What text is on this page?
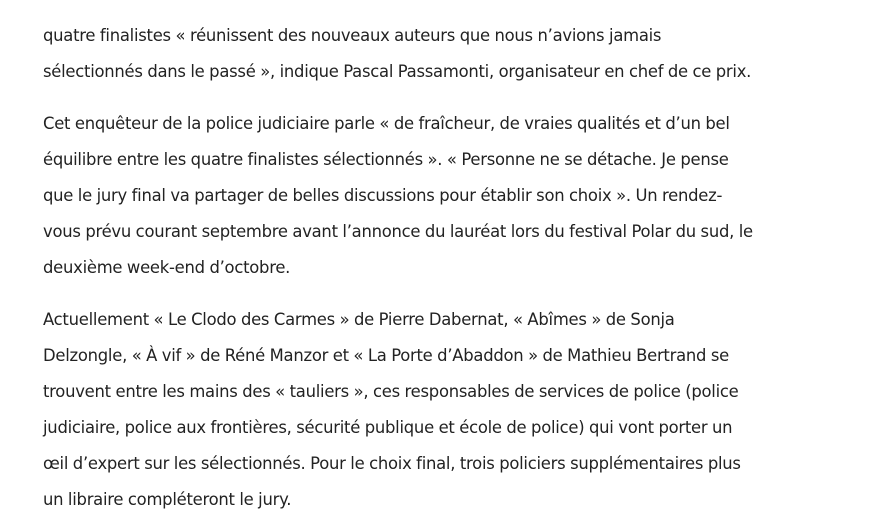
quatre finalistes « réunissent des nouveaux auteurs que nous n’avions jamais
sélectionnés dans le passé », indique Pascal Passamonti, organisateur en chef de ce prix.

Cet enquêteur de la police judiciaire parle « de fraîcheur, de vraies qualités et d’un bel
équilibre entre les quatre finalistes sélectionnés ». « Personne ne se détache. Je pense
que le jury final va partager de belles discussions pour établir son choix ». Un rendez-
vous prévu courant septembre avant l’annonce du lauréat lors du festival Polar du sud, le
deuxième week-end d’octobre.

Actuellement « Le Clodo des Carmes » de Pierre Dabernat, « Abîmes » de Sonja
Delzongle, « À vif » de Réné Manzor et « La Porte d’Abaddon » de Mathieu Bertrand se
trouvent entre les mains des « tauliers », ces responsables de services de police (police
judiciaire, police aux frontières, sécurité publique et école de police) qui vont porter un
œil d’expert sur les sélectionnés. Pour le choix final, trois policiers supplémentaires plus
un libraire compléteront le jury.
